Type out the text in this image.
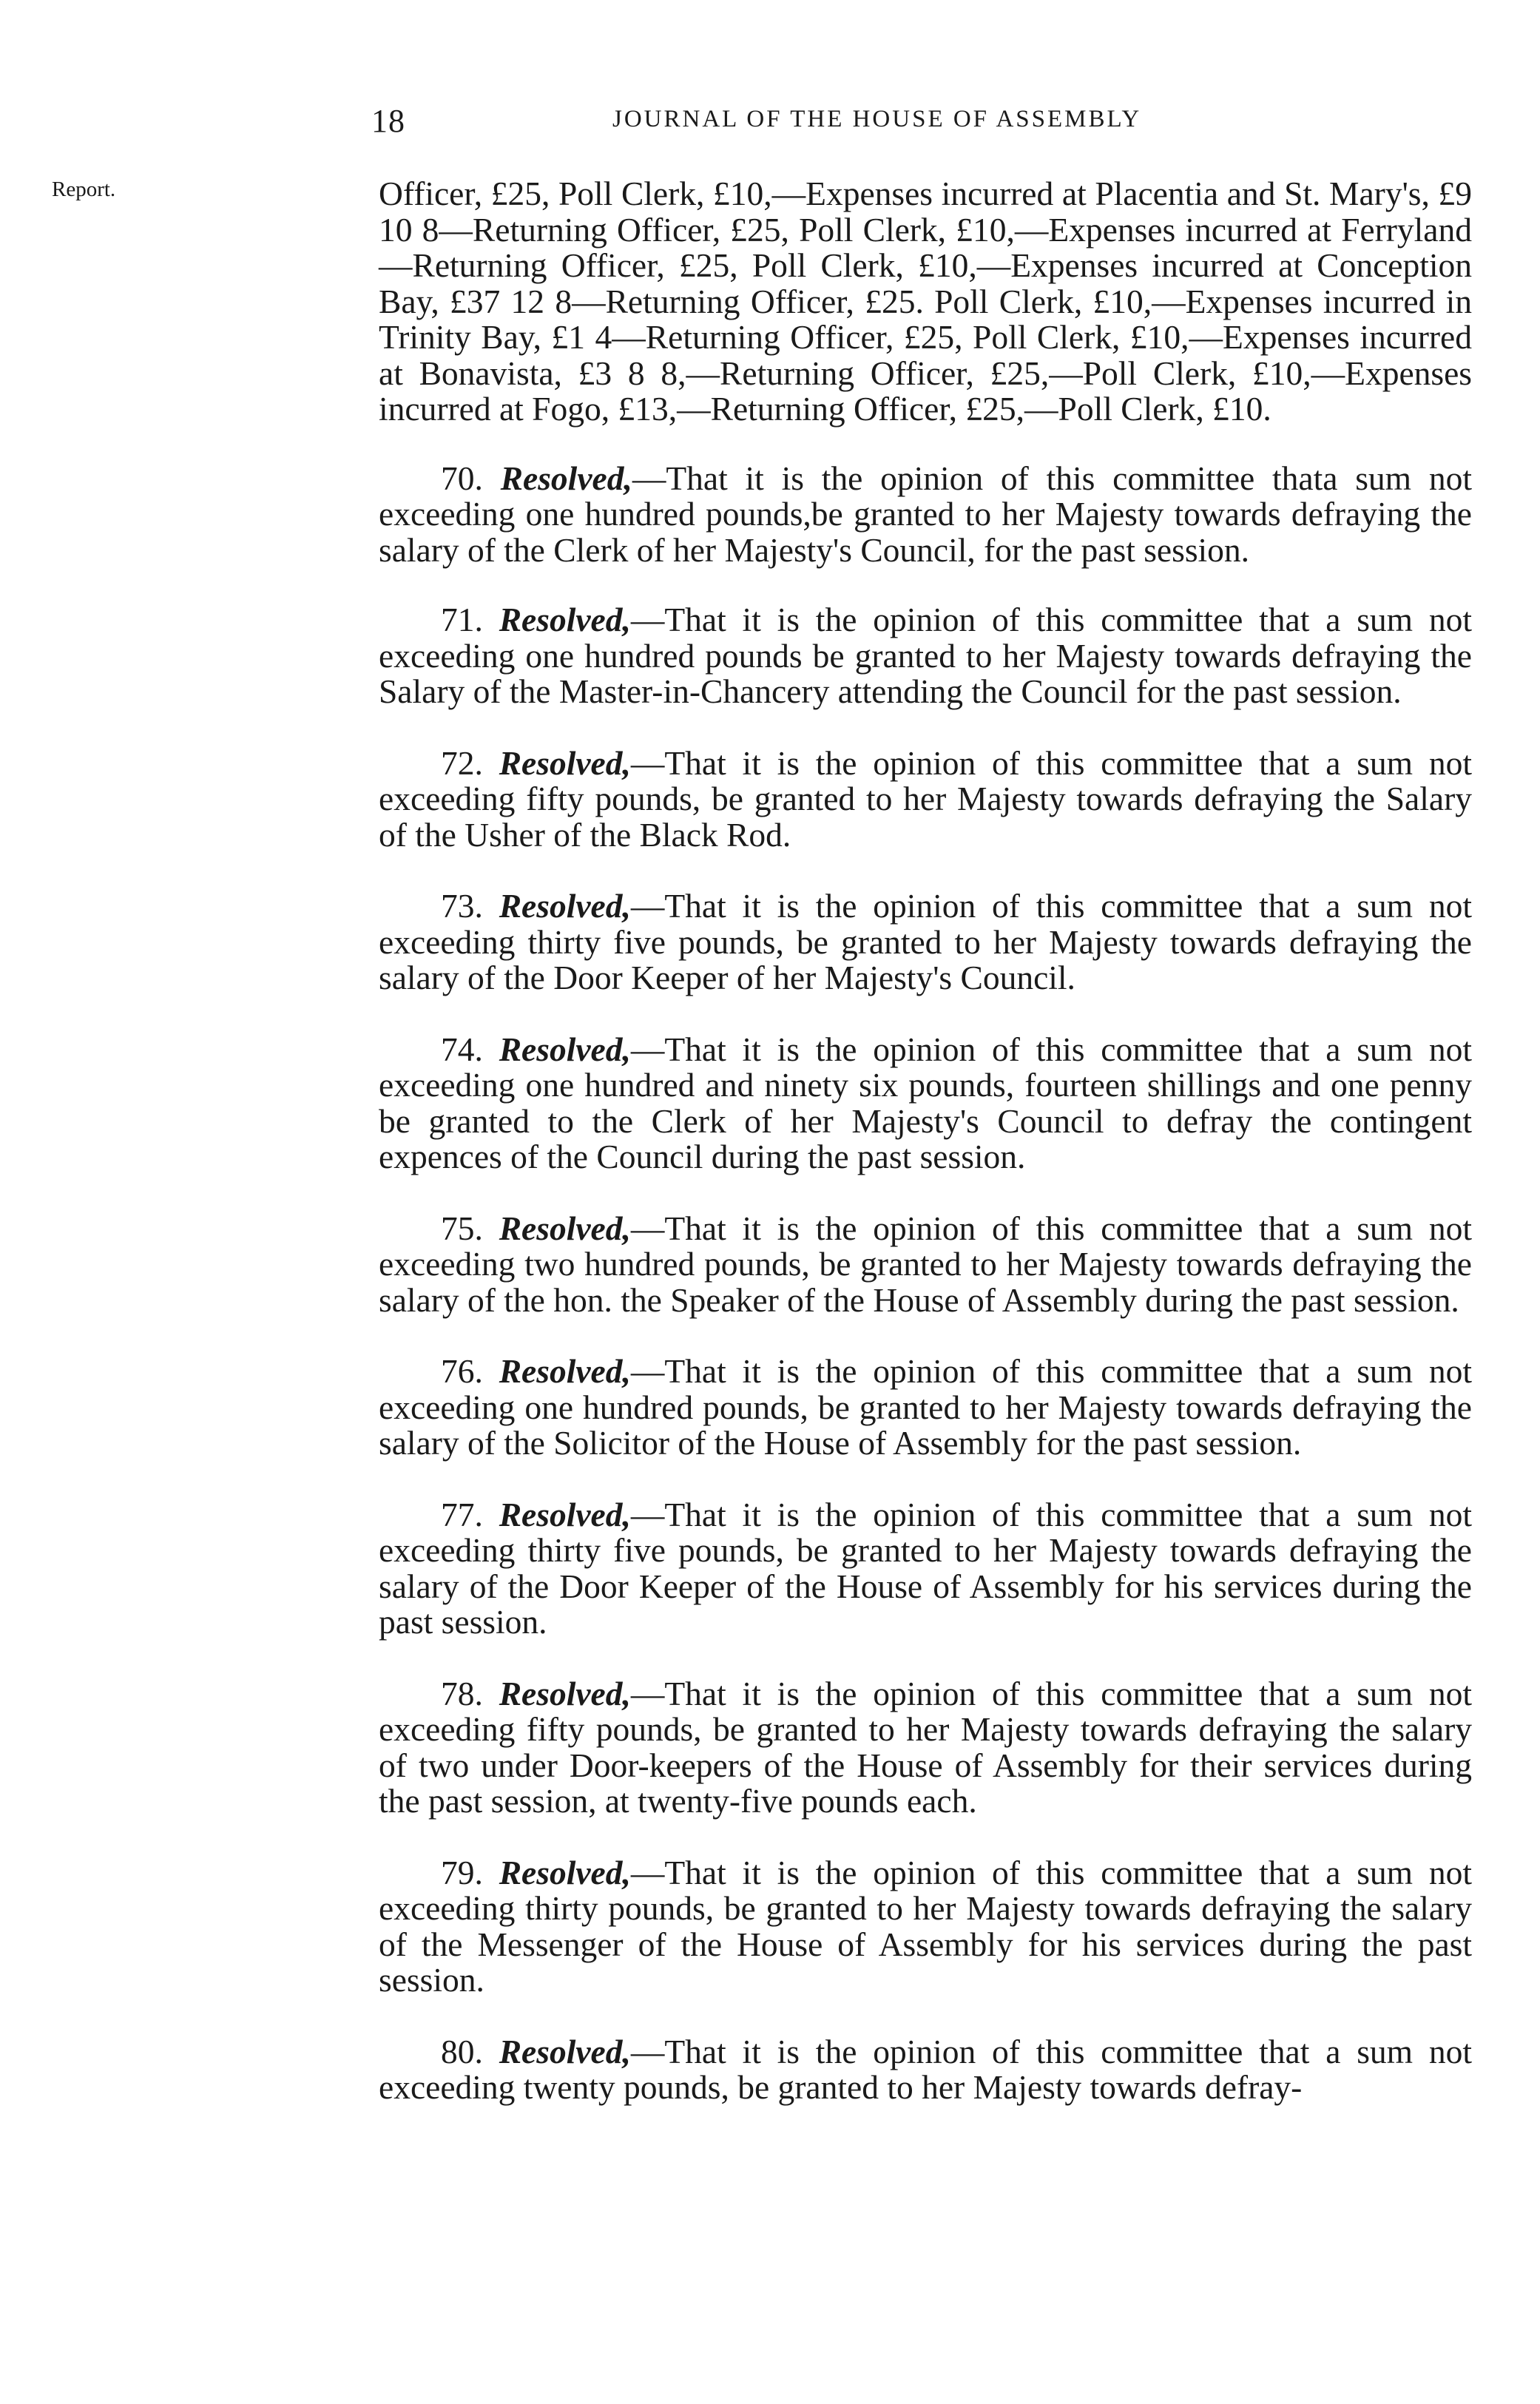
18	JOURNAL OF THE HOUSE OF ASSEMBLY
Report.	Officer, £25, Poll Clerk, £10,—Expenses incurred at Placentia and St. Mary's, £9 10 8—Returning Officer, £25, Poll Clerk, £10,—Expenses incurred at Ferryland—Returning Officer, £25, Poll Clerk, £10,—Expenses incurred at Conception Bay, £37 12 8—Returning Officer, £25. Poll Clerk, £10,—Expenses incurred in Trinity Bay, £1 4—Returning Officer, £25, Poll Clerk, £10,—Expenses incurred at Bonavista, £3 8 8,—Returning Officer, £25,—Poll Clerk, £10,—Expenses incurred at Fogo, £13,—Returning Officer, £25,—Poll Clerk, £10.

70. Resolved,—That it is the opinion of this committee thata sum not exceeding one hundred pounds,be granted to her Majesty towards defraying the salary of the Clerk of her Majesty's Council, for the past session.

71. Resolved,—That it is the opinion of this committee that a sum not exceeding one hundred pounds be granted to her Majesty towards defraying the Salary of the Master-in-Chancery attending the Council for the past session.

72. Resolved,—That it is the opinion of this committee that a sum not exceeding fifty pounds, be granted to her Majesty towards defraying the Salary of the Usher of the Black Rod.

73. Resolved,—That it is the opinion of this committee that a sum not exceeding thirty five pounds, be granted to her Majesty towards defraying the salary of the Door Keeper of her Majesty's Council.

74. Resolved,—That it is the opinion of this committee that a sum not exceeding one hundred and ninety six pounds, fourteen shillings and one penny be granted to the Clerk of her Majesty's Council to defray the contingent expences of the Council during the past session.

75. Resolved,—That it is the opinion of this committee that a sum not exceeding two hundred pounds, be granted to her Majesty towards defraying the salary of the hon. the Speaker of the House of Assembly during the past session.

76. Resolved,—That it is the opinion of this committee that a sum not exceeding one hundred pounds, be granted to her Majesty towards defraying the salary of the Solicitor of the House of Assembly for the past session.

77. Resolved,—That it is the opinion of this committee that a sum not exceeding thirty five pounds, be granted to her Majesty towards defraying the salary of the Door Keeper of the House of Assembly for his services during the past session.

78. Resolved,—That it is the opinion of this committee that a sum not exceeding fifty pounds, be granted to her Majesty towards defraying the salary of two under Door-keepers of the House of Assembly for their services during the past session, at twenty-five pounds each.

79. Resolved,—That it is the opinion of this committee that a sum not exceeding thirty pounds, be granted to her Majesty towards defraying the salary of the Messenger of the House of Assembly for his services during the past session.

80. Resolved,—That it is the opinion of this committee that a sum not exceeding twenty pounds, be granted to her Majesty towards defray-
